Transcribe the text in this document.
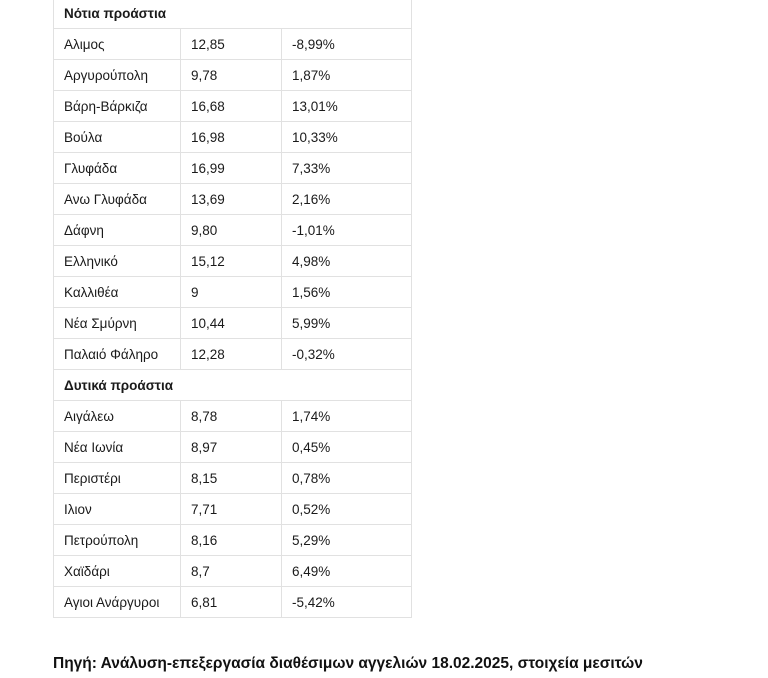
Νότια προάστια		
Αλιμος	12,85	-8,99%
Αργυρούπολη	9,78	1,87%
Βάρη-Βάρκιζα	16,68	13,01%
Βούλα	16,98	10,33%
Γλυφάδα	16,99	7,33%
Ανω Γλυφάδα	13,69	2,16%
Δάφνη	9,80	-1,01%
Ελληνικό	15,12	4,98%
Καλλιθέα	9	1,56%
Νέα Σμύρνη	10,44	5,99%
Παλαιό Φάληρο	12,28	-0,32%
Δυτικά προάστια		
Αιγάλεω	8,78	1,74%
Νέα Ιωνία	8,97	0,45%
Περιστέρι	8,15	0,78%
Ιλιον	7,71	0,52%
Πετρούπολη	8,16	5,29%
Χαϊδάρι	8,7	6,49%
Αγιοι Ανάργυροι	6,81	-5,42%

Πηγή: Ανάλυση-επεξεργασία διαθέσιμων αγγελιών 18.02.2025, στοιχεία μεσιτών
